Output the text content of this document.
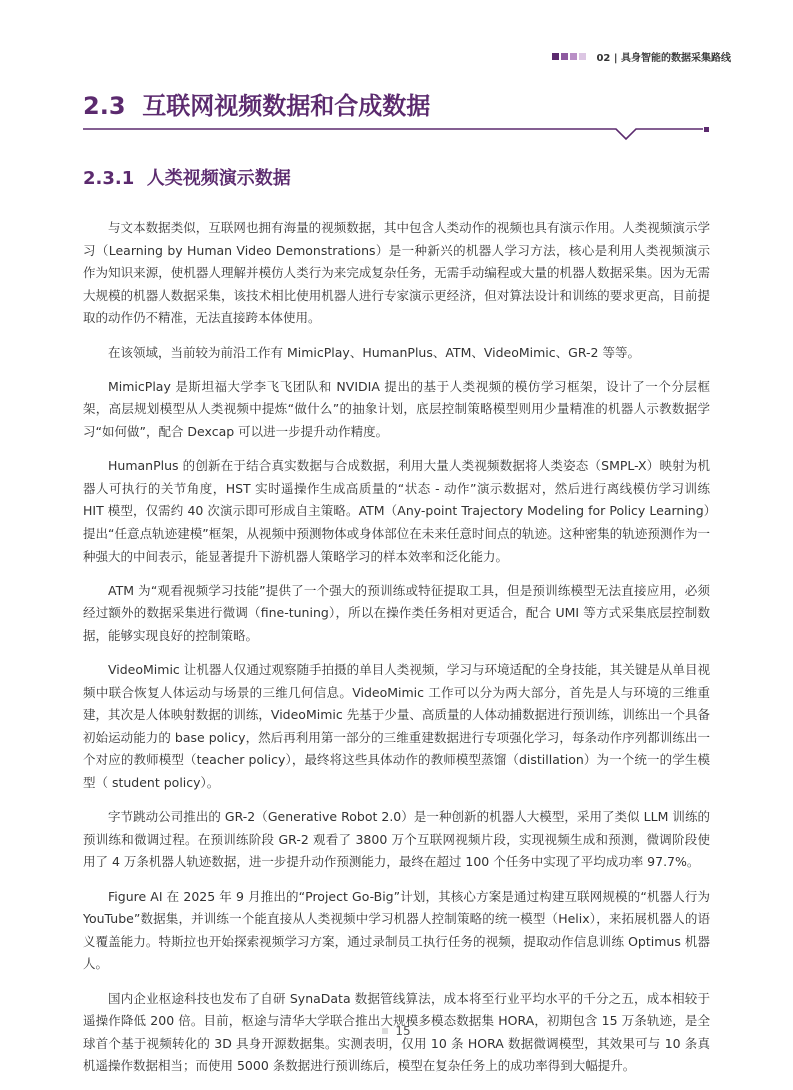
02 | 具身智能的数据采集路线
2.3 互联网视频数据和合成数据
2.3.1 人类视频演示数据

与文本数据类似，互联网也拥有海量的视频数据，其中包含人类动作的视频也具有演示作用。人类视频演示学习（Learning by Human Video Demonstrations）是一种新兴的机器人学习方法，核心是利用人类视频演示作为知识来源，使机器人理解并模仿人类行为来完成复杂任务，无需手动编程或大量的机器人数据采集。因为无需大规模的机器人数据采集，该技术相比使用机器人进行专家演示更经济，但对算法设计和训练的要求更高，目前提取的动作仍不精准，无法直接跨本体使用。

在该领域，当前较为前沿工作有 MimicPlay、HumanPlus、ATM、VideoMimic、GR-2 等等。

MimicPlay 是斯坦福大学李飞飞团队和 NVIDIA 提出的基于人类视频的模仿学习框架，设计了一个分层框架，高层规划模型从人类视频中提炼“做什么”的抽象计划，底层控制策略模型则用少量精准的机器人示教数据学习“如何做”，配合 Dexcap 可以进一步提升动作精度。

HumanPlus 的创新在于结合真实数据与合成数据，利用大量人类视频数据将人类姿态（SMPL-X）映射为机器人可执行的关节角度，HST 实时遥操作生成高质量的“状态 - 动作”演示数据对，然后进行离线模仿学习训练 HIT 模型，仅需约 40 次演示即可形成自主策略。ATM（Any-point Trajectory Modeling for Policy Learning）提出“任意点轨迹建模”框架，从视频中预测物体或身体部位在未来任意时间点的轨迹。这种密集的轨迹预测作为一种强大的中间表示，能显著提升下游机器人策略学习的样本效率和泛化能力。

ATM 为“观看视频学习技能”提供了一个强大的预训练或特征提取工具，但是预训练模型无法直接应用，必须经过额外的数据采集进行微调（fine-tuning），所以在操作类任务相对更适合，配合 UMI 等方式采集底层控制数据，能够实现良好的控制策略。

VideoMimic 让机器人仅通过观察随手拍摄的单目人类视频，学习与环境适配的全身技能，其关键是从单目视频中联合恢复人体运动与场景的三维几何信息。VideoMimic 工作可以分为两大部分，首先是人与环境的三维重建，其次是人体映射数据的训练，VideoMimic 先基于少量、高质量的人体动捕数据进行预训练，训练出一个具备初始运动能力的 base policy，然后再利用第一部分的三维重建数据进行专项强化学习，每条动作序列都训练出一个对应的教师模型（teacher policy），最终将这些具体动作的教师模型蒸馏（distillation）为一个统一的学生模型（ student policy）。

字节跳动公司推出的 GR-2（Generative Robot 2.0）是一种创新的机器人大模型，采用了类似 LLM 训练的预训练和微调过程。在预训练阶段 GR-2 观看了 3800 万个互联网视频片段，实现视频生成和预测，微调阶段使用了 4 万条机器人轨迹数据，进一步提升动作预测能力，最终在超过 100 个任务中实现了平均成功率 97.7%。

Figure AI 在 2025 年 9 月推出的“Project Go-Big”计划，其核心方案是通过构建互联网规模的“机器人行为YouTube”数据集，并训练一个能直接从人类视频中学习机器人控制策略的统一模型（Helix），来拓展机器人的语义覆盖能力。特斯拉也开始探索视频学习方案，通过录制员工执行任务的视频，提取动作信息训练 Optimus 机器人。

国内企业枢途科技也发布了自研 SynaData 数据管线算法，成本将至行业平均水平的千分之五，成本相较于遥操作降低 200 倍。目前，枢途与清华大学联合推出大规模多模态数据集 HORA，初期包含 15 万条轨迹，是全球首个基于视频转化的 3D 具身开源数据集。实测表明，仅用 10 条 HORA 数据微调模型，其效果可与 10 条真机遥操作数据相当；而使用 5000 条数据进行预训练后，模型在复杂任务上的成功率得到大幅提升。

15
